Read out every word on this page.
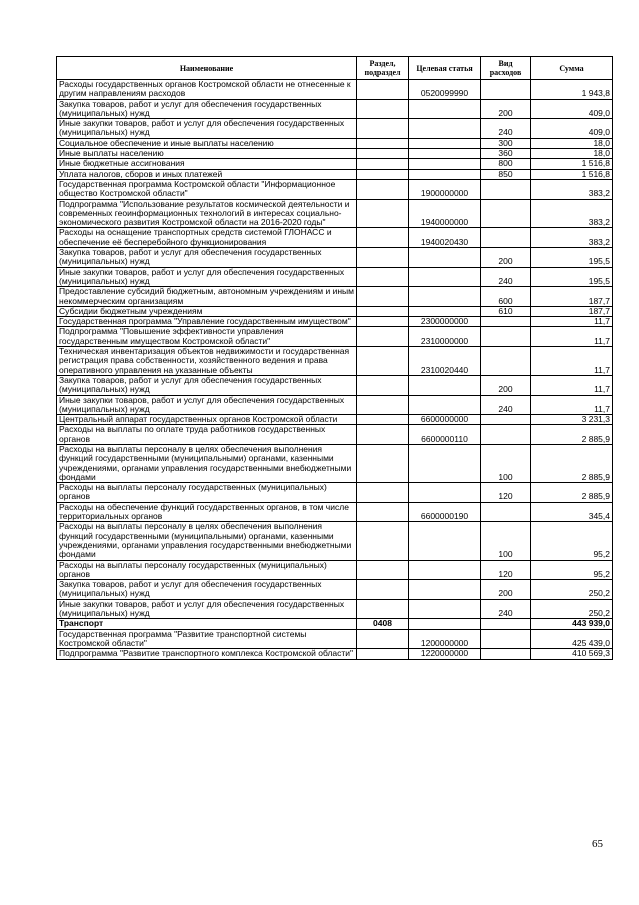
Наименование	Раздел, подраздел	Целевая статья	Вид расходов	Сумма
Расходы государственных органов Костромской области не отнесенные к другим направлениям расходов		0520099990		1 943,8
Закупка товаров, работ и услуг для обеспечения государственных (муниципальных) нужд			200	409,0
Иные закупки товаров, работ и услуг для обеспечения государственных (муниципальных) нужд			240	409,0
Социальное обеспечение и иные выплаты населению			300	18,0
Иные выплаты населению			360	18,0
Иные бюджетные ассигнования			800	1 516,8
Уплата налогов, сборов и иных платежей			850	1 516,8
Государственная программа Костромской области "Информационное общество Костромской области"		1900000000		383,2
Подпрограмма "Использование результатов космической деятельности и современных геоинформационных технологий в интересах социально-экономического развития Костромской области на 2016-2020 годы"		1940000000		383,2
Расходы на оснащение транспортных средств системой ГЛОНАСС и обеспечение её бесперебойного функционирования		1940020430		383,2
Закупка товаров, работ и услуг для обеспечения государственных (муниципальных) нужд			200	195,5
Иные закупки товаров, работ и услуг для обеспечения государственных (муниципальных) нужд			240	195,5
Предоставление субсидий бюджетным, автономным учреждениям и иным некоммерческим организациям			600	187,7
Субсидии бюджетным учреждениям			610	187,7
Государственная программа "Управление государственным имуществом"		2300000000		11,7
Подпрограмма "Повышение эффективности управления государственным имуществом Костромской области"		2310000000		11,7
Техническая инвентаризация объектов недвижимости и государственная регистрация права собственности, хозяйственного ведения и права оперативного управления на указанные объекты		2310020440		11,7
Закупка товаров, работ и услуг для обеспечения государственных (муниципальных) нужд			200	11,7
Иные закупки товаров, работ и услуг для обеспечения государственных (муниципальных) нужд			240	11,7
Центральный аппарат государственных органов Костромской области		6600000000		3 231,3
Расходы на выплаты по оплате труда работников государственных органов		6600000110		2 885,9
Расходы на выплаты персоналу в целях обеспечения выполнения функций государственными (муниципальными) органами, казенными учреждениями, органами управления государственными внебюджетными фондами			100	2 885,9
Расходы на выплаты персоналу государственных (муниципальных) органов			120	2 885,9
Расходы на обеспечение функций государственных органов, в том числе территориальных органов		6600000190		345,4
Расходы на выплаты персоналу в целях обеспечения выполнения функций государственными (муниципальными) органами, казенными учреждениями, органами управления государственными внебюджетными фондами			100	95,2
Расходы на выплаты персоналу государственных (муниципальных) органов			120	95,2
Закупка товаров, работ и услуг для обеспечения государственных (муниципальных) нужд			200	250,2
Иные закупки товаров, работ и услуг для обеспечения государственных (муниципальных) нужд			240	250,2
Транспорт	0408			443 939,0
Государственная программа "Развитие транспортной системы Костромской области"		1200000000		425 439,0
Подпрограмма "Развитие транспортного комплекса Костромской области"		1220000000		410 569,3
65
